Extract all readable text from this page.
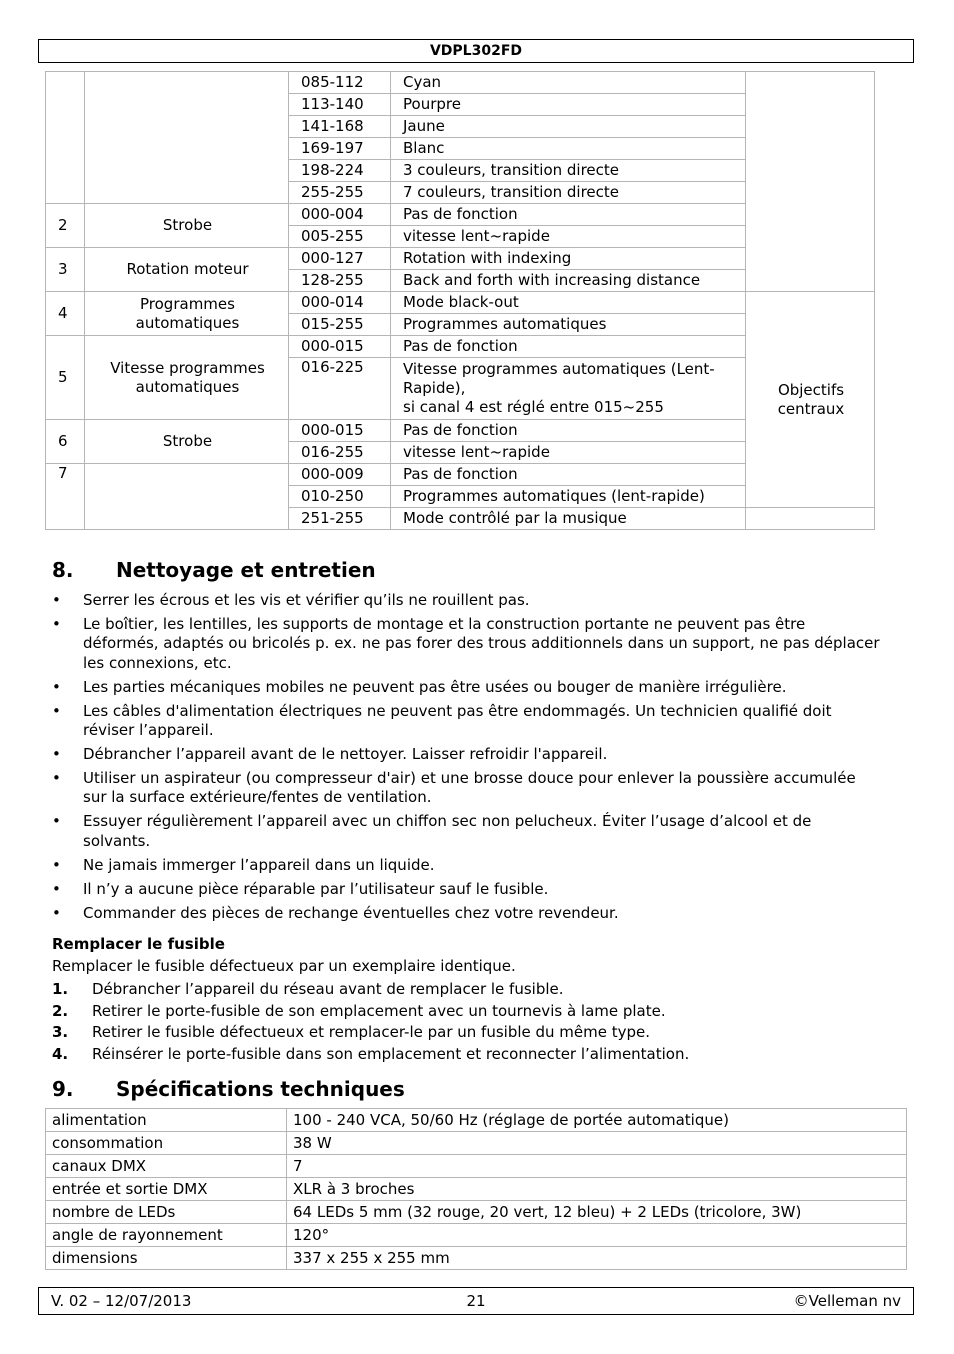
VDPL302FD
		085-112	Cyan		
		113-140	Pourpre		
		141-168	Jaune		
		169-197	Blanc		
		198-224	3 couleurs, transition directe		
		255-255	7 couleurs, transition directe		
2	Strobe	000-004	Pas de fonction		
		005-255	vitesse lent~rapide		
3	Rotation moteur	000-127	Rotation with indexing		
		128-255	Back and forth with increasing distance		
4	Programmes automatiques	000-014	Mode black-out	Objectifs centraux	
		015-255	Programmes automatiques		
5	Vitesse programmes automatiques	000-015	Pas de fonction		
		016-225	Vitesse programmes automatiques (Lent-Rapide),
si canal 4 est réglé entre 015~255		
6	Strobe	000-015	Pas de fonction		
		016-255	vitesse lent~rapide		
7		000-009	Pas de fonction		
		010-250	Programmes automatiques (lent-rapide)		
		251-255	Mode contrôlé par la musique		
8. Nettoyage et entretien
•	Serrer les écrous et les vis et vérifier qu’ils ne rouillent pas.
•	Le boîtier, les lentilles, les supports de montage et la construction portante ne peuvent pas être déformés, adaptés ou bricolés p. ex. ne pas forer des trous additionnels dans un support, ne pas déplacer les connexions, etc.
•	Les parties mécaniques mobiles ne peuvent pas être usées ou bouger de manière irrégulière.
•	Les câbles d'alimentation électriques ne peuvent pas être endommagés. Un technicien qualifié doit réviser l’appareil.
•	Débrancher l’appareil avant de le nettoyer. Laisser refroidir l'appareil.
•	Utiliser un aspirateur (ou compresseur d'air) et une brosse douce pour enlever la poussière accumulée sur la surface extérieure/fentes de ventilation.
•	Essuyer régulièrement l’appareil avec un chiffon sec non pelucheux. Éviter l’usage d’alcool et de solvants.
•	Ne jamais immerger l’appareil dans un liquide.
•	Il n’y a aucune pièce réparable par l’utilisateur sauf le fusible.
•	Commander des pièces de rechange éventuelles chez votre revendeur.
Remplacer le fusible
Remplacer le fusible défectueux par un exemplaire identique.
1. Débrancher l’appareil du réseau avant de remplacer le fusible.
2. Retirer le porte-fusible de son emplacement avec un tournevis à lame plate.
3. Retirer le fusible défectueux et remplacer-le par un fusible du même type.
4. Réinsérer le porte-fusible dans son emplacement et reconnecter l’alimentation.
9. Spécifications techniques
alimentation	100 - 240 VCA, 50/60 Hz (réglage de portée automatique)
consommation	38 W
canaux DMX	7
entrée et sortie DMX	XLR à 3 broches
nombre de LEDs	64 LEDs 5 mm (32 rouge, 20 vert, 12 bleu) + 2 LEDs (tricolore, 3W)
angle de rayonnement	120°
dimensions	337 x 255 x 255 mm
V. 02 – 12/07/2013	21	©Velleman nv
